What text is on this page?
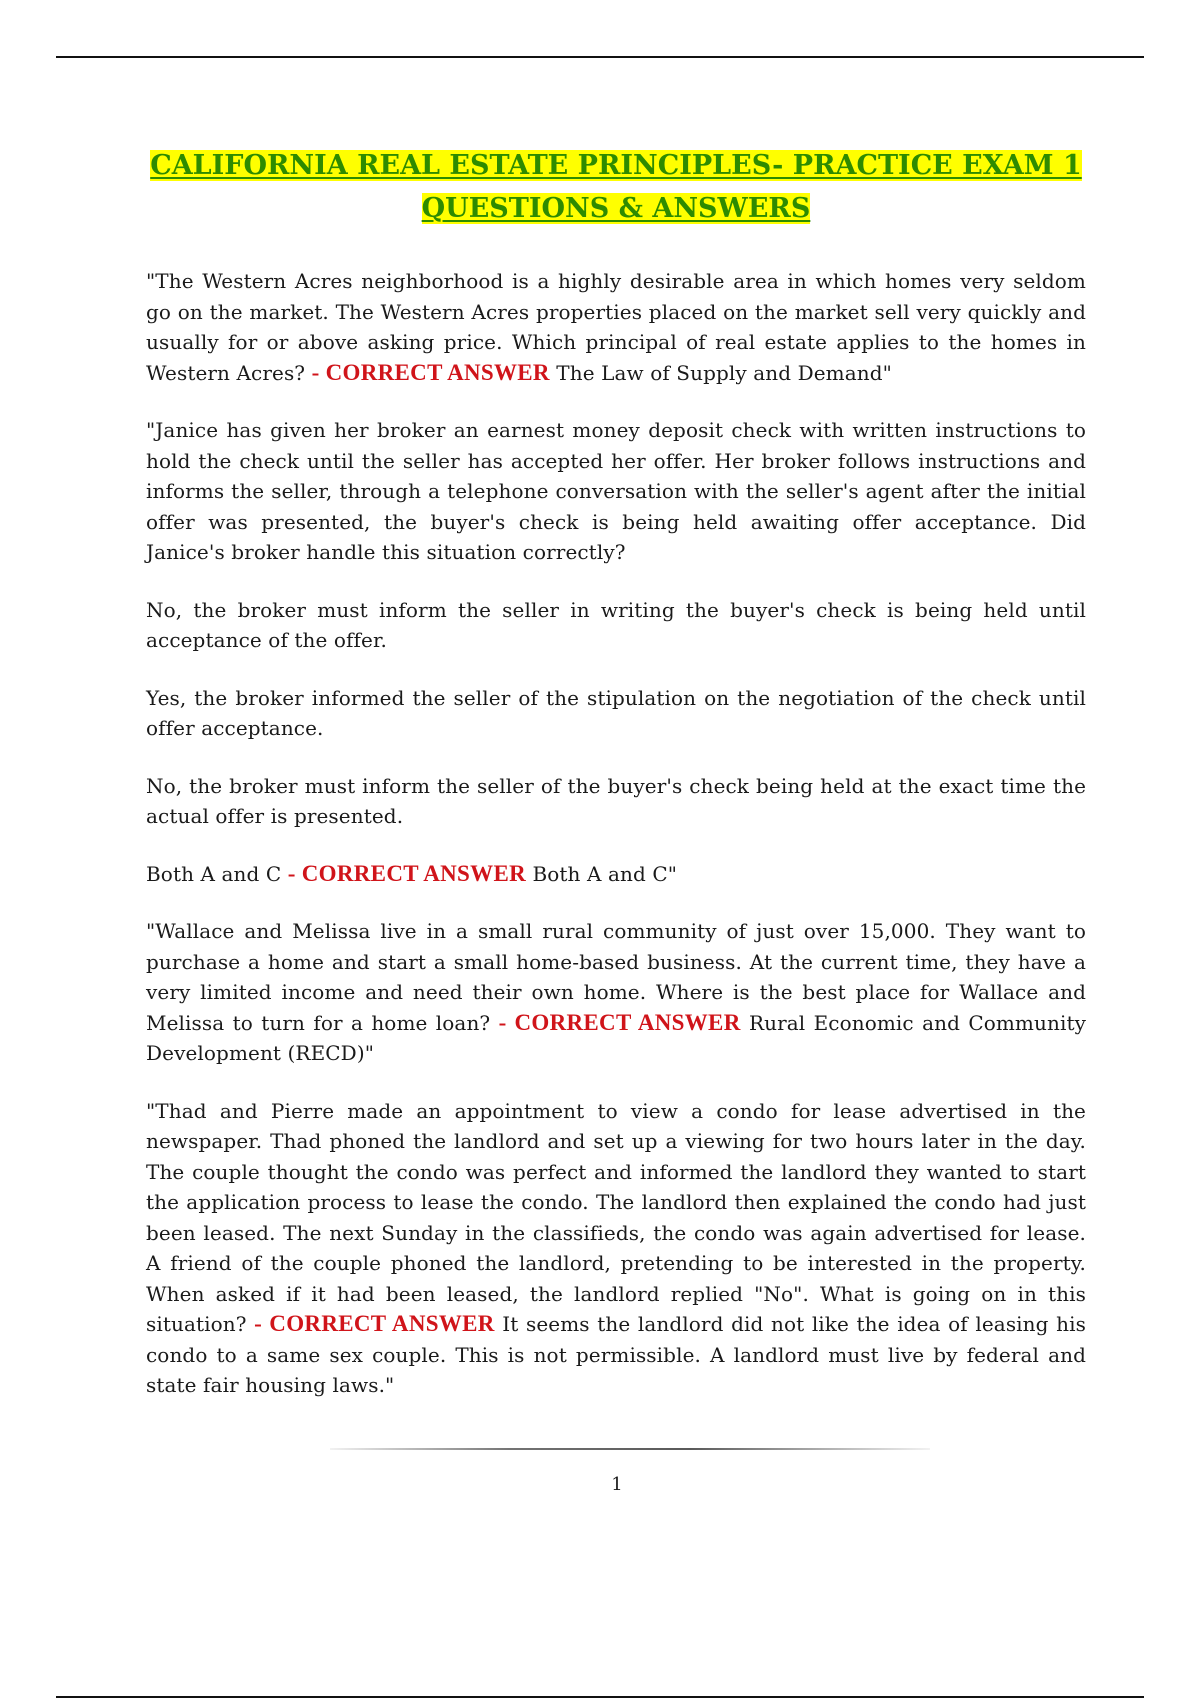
CALIFORNIA REAL ESTATE PRINCIPLES- PRACTICE EXAM 1
QUESTIONS & ANSWERS

"The Western Acres neighborhood is a highly desirable area in which homes very seldom go on the market. The Western Acres properties placed on the market sell very quickly and usually for or above asking price. Which principal of real estate applies to the homes in Western Acres? - CORRECT ANSWER The Law of Supply and Demand"

"Janice has given her broker an earnest money deposit check with written instructions to hold the check until the seller has accepted her offer. Her broker follows instructions and informs the seller, through a telephone conversation with the seller's agent after the initial offer was presented, the buyer's check is being held awaiting offer acceptance. Did Janice's broker handle this situation correctly?

No, the broker must inform the seller in writing the buyer's check is being held until acceptance of the offer.

Yes, the broker informed the seller of the stipulation on the negotiation of the check until offer acceptance.

No, the broker must inform the seller of the buyer's check being held at the exact time the actual offer is presented.

Both A and C - CORRECT ANSWER Both A and C"

"Wallace and Melissa live in a small rural community of just over 15,000. They want to purchase a home and start a small home-based business. At the current time, they have a very limited income and need their own home. Where is the best place for Wallace and Melissa to turn for a home loan? - CORRECT ANSWER Rural Economic and Community Development (RECD)"

"Thad and Pierre made an appointment to view a condo for lease advertised in the newspaper. Thad phoned the landlord and set up a viewing for two hours later in the day. The couple thought the condo was perfect and informed the landlord they wanted to start the application process to lease the condo. The landlord then explained the condo had just been leased. The next Sunday in the classifieds, the condo was again advertised for lease. A friend of the couple phoned the landlord, pretending to be interested in the property. When asked if it had been leased, the landlord replied "No". What is going on in this situation? - CORRECT ANSWER It seems the landlord did not like the idea of leasing his condo to a same sex couple. This is not permissible. A landlord must live by federal and state fair housing laws."

1
